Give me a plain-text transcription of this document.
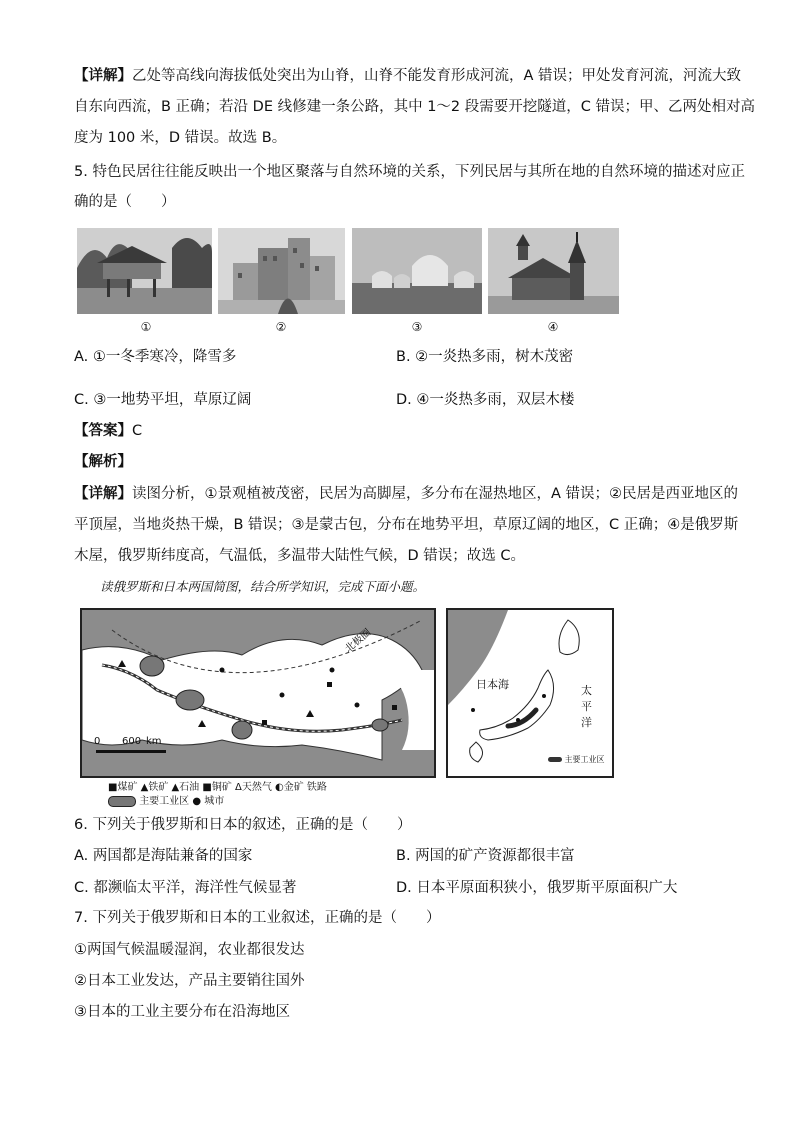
【详解】乙处等高线向海拔低处突出为山脊，山脊不能发育形成河流，A 错误；甲处发育河流，河流大致
自东向西流，B 正确；若沿 DE 线修建一条公路，其中 1～2 段需要开挖隧道，C 错误；甲、乙两处相对高
度为 100 米，D 错误。故选 B。
5. 特色民居往往能反映出一个地区聚落与自然环境的关系，下列民居与其所在地的自然环境的描述对应正
确的是（　　）
①	②	③	④
A. ①一冬季寒冷，降雪多	B. ②一炎热多雨，树木茂密
C. ③一地势平坦，草原辽阔	D. ④一炎热多雨，双层木楼
【答案】C
【解析】
【详解】读图分析，①景观植被茂密，民居为高脚屋，多分布在湿热地区，A 错误；②民居是西亚地区的
平顶屋，当地炎热干燥，B 错误；③是蒙古包，分布在地势平坦，草原辽阔的地区，C 正确；④是俄罗斯
木屋，俄罗斯纬度高，气温低，多温带大陆性气候，D 错误；故选 C。
读俄罗斯和日本两国简图，结合所学知识，完成下面小题。
北极圈
0 600 km
■煤矿 ▲铁矿 ▲石油 ■铜矿 Δ天然气 ◐金矿 铁路
主要工业区 ● 城市
日本海	太
平
洋
主要工业区
6. 下列关于俄罗斯和日本的叙述，正确的是（　　）
A. 两国都是海陆兼备的国家	B. 两国的矿产资源都很丰富
C. 都濒临太平洋，海洋性气候显著	D. 日本平原面积狭小，俄罗斯平原面积广大
7. 下列关于俄罗斯和日本的工业叙述，正确的是（　　）
①两国气候温暖湿润，农业都很发达
②日本工业发达，产品主要销往国外
③日本的工业主要分布在沿海地区
